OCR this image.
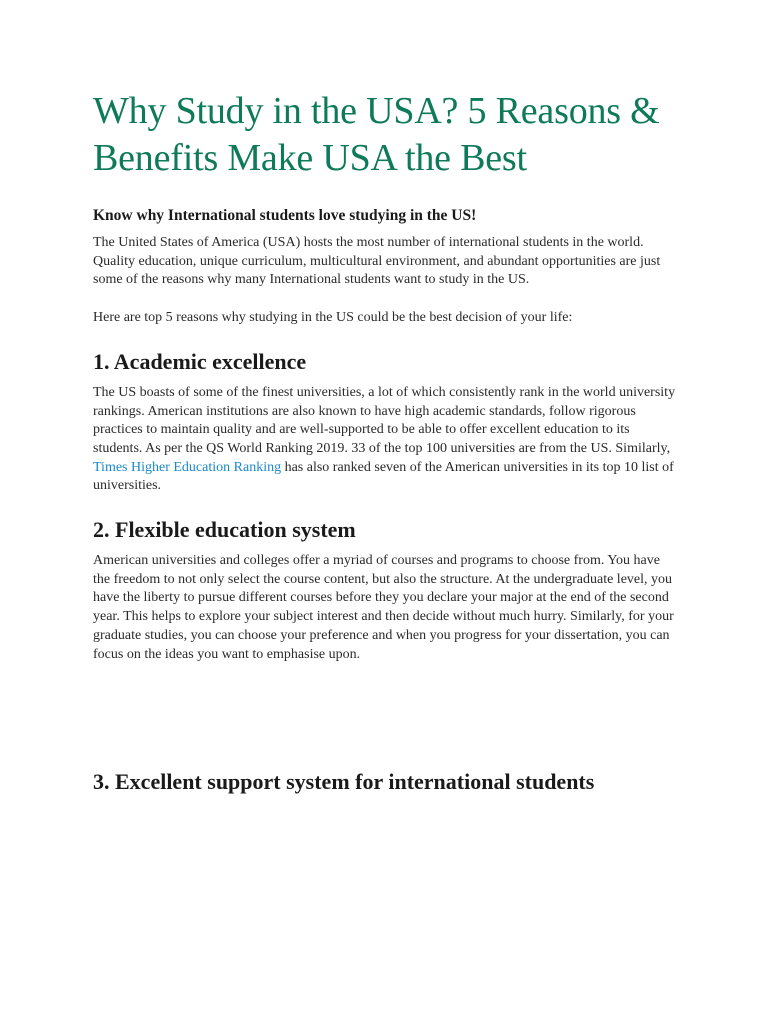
Why Study in the USA? 5 Reasons & Benefits Make USA the Best

Know why International students love studying in the US!

The United States of America (USA) hosts the most number of international students in the world. Quality education, unique curriculum, multicultural environment, and abundant opportunities are just some of the reasons why many International students want to study in the US.

Here are top 5 reasons why studying in the US could be the best decision of your life:

1. Academic excellence

The US boasts of some of the finest universities, a lot of which consistently rank in the world university rankings. American institutions are also known to have high academic standards, follow rigorous practices to maintain quality and are well-supported to be able to offer excellent education to its students. As per the QS World Ranking 2019. 33 of the top 100 universities are from the US. Similarly, Times Higher Education Ranking has also ranked seven of the American universities in its top 10 list of universities.

2. Flexible education system

American universities and colleges offer a myriad of courses and programs to choose from. You have the freedom to not only select the course content, but also the structure. At the undergraduate level, you have the liberty to pursue different courses before they you declare your major at the end of the second year. This helps to explore your subject interest and then decide without much hurry. Similarly, for your graduate studies, you can choose your preference and when you progress for your dissertation, you can focus on the ideas you want to emphasise upon.

3. Excellent support system for international students
